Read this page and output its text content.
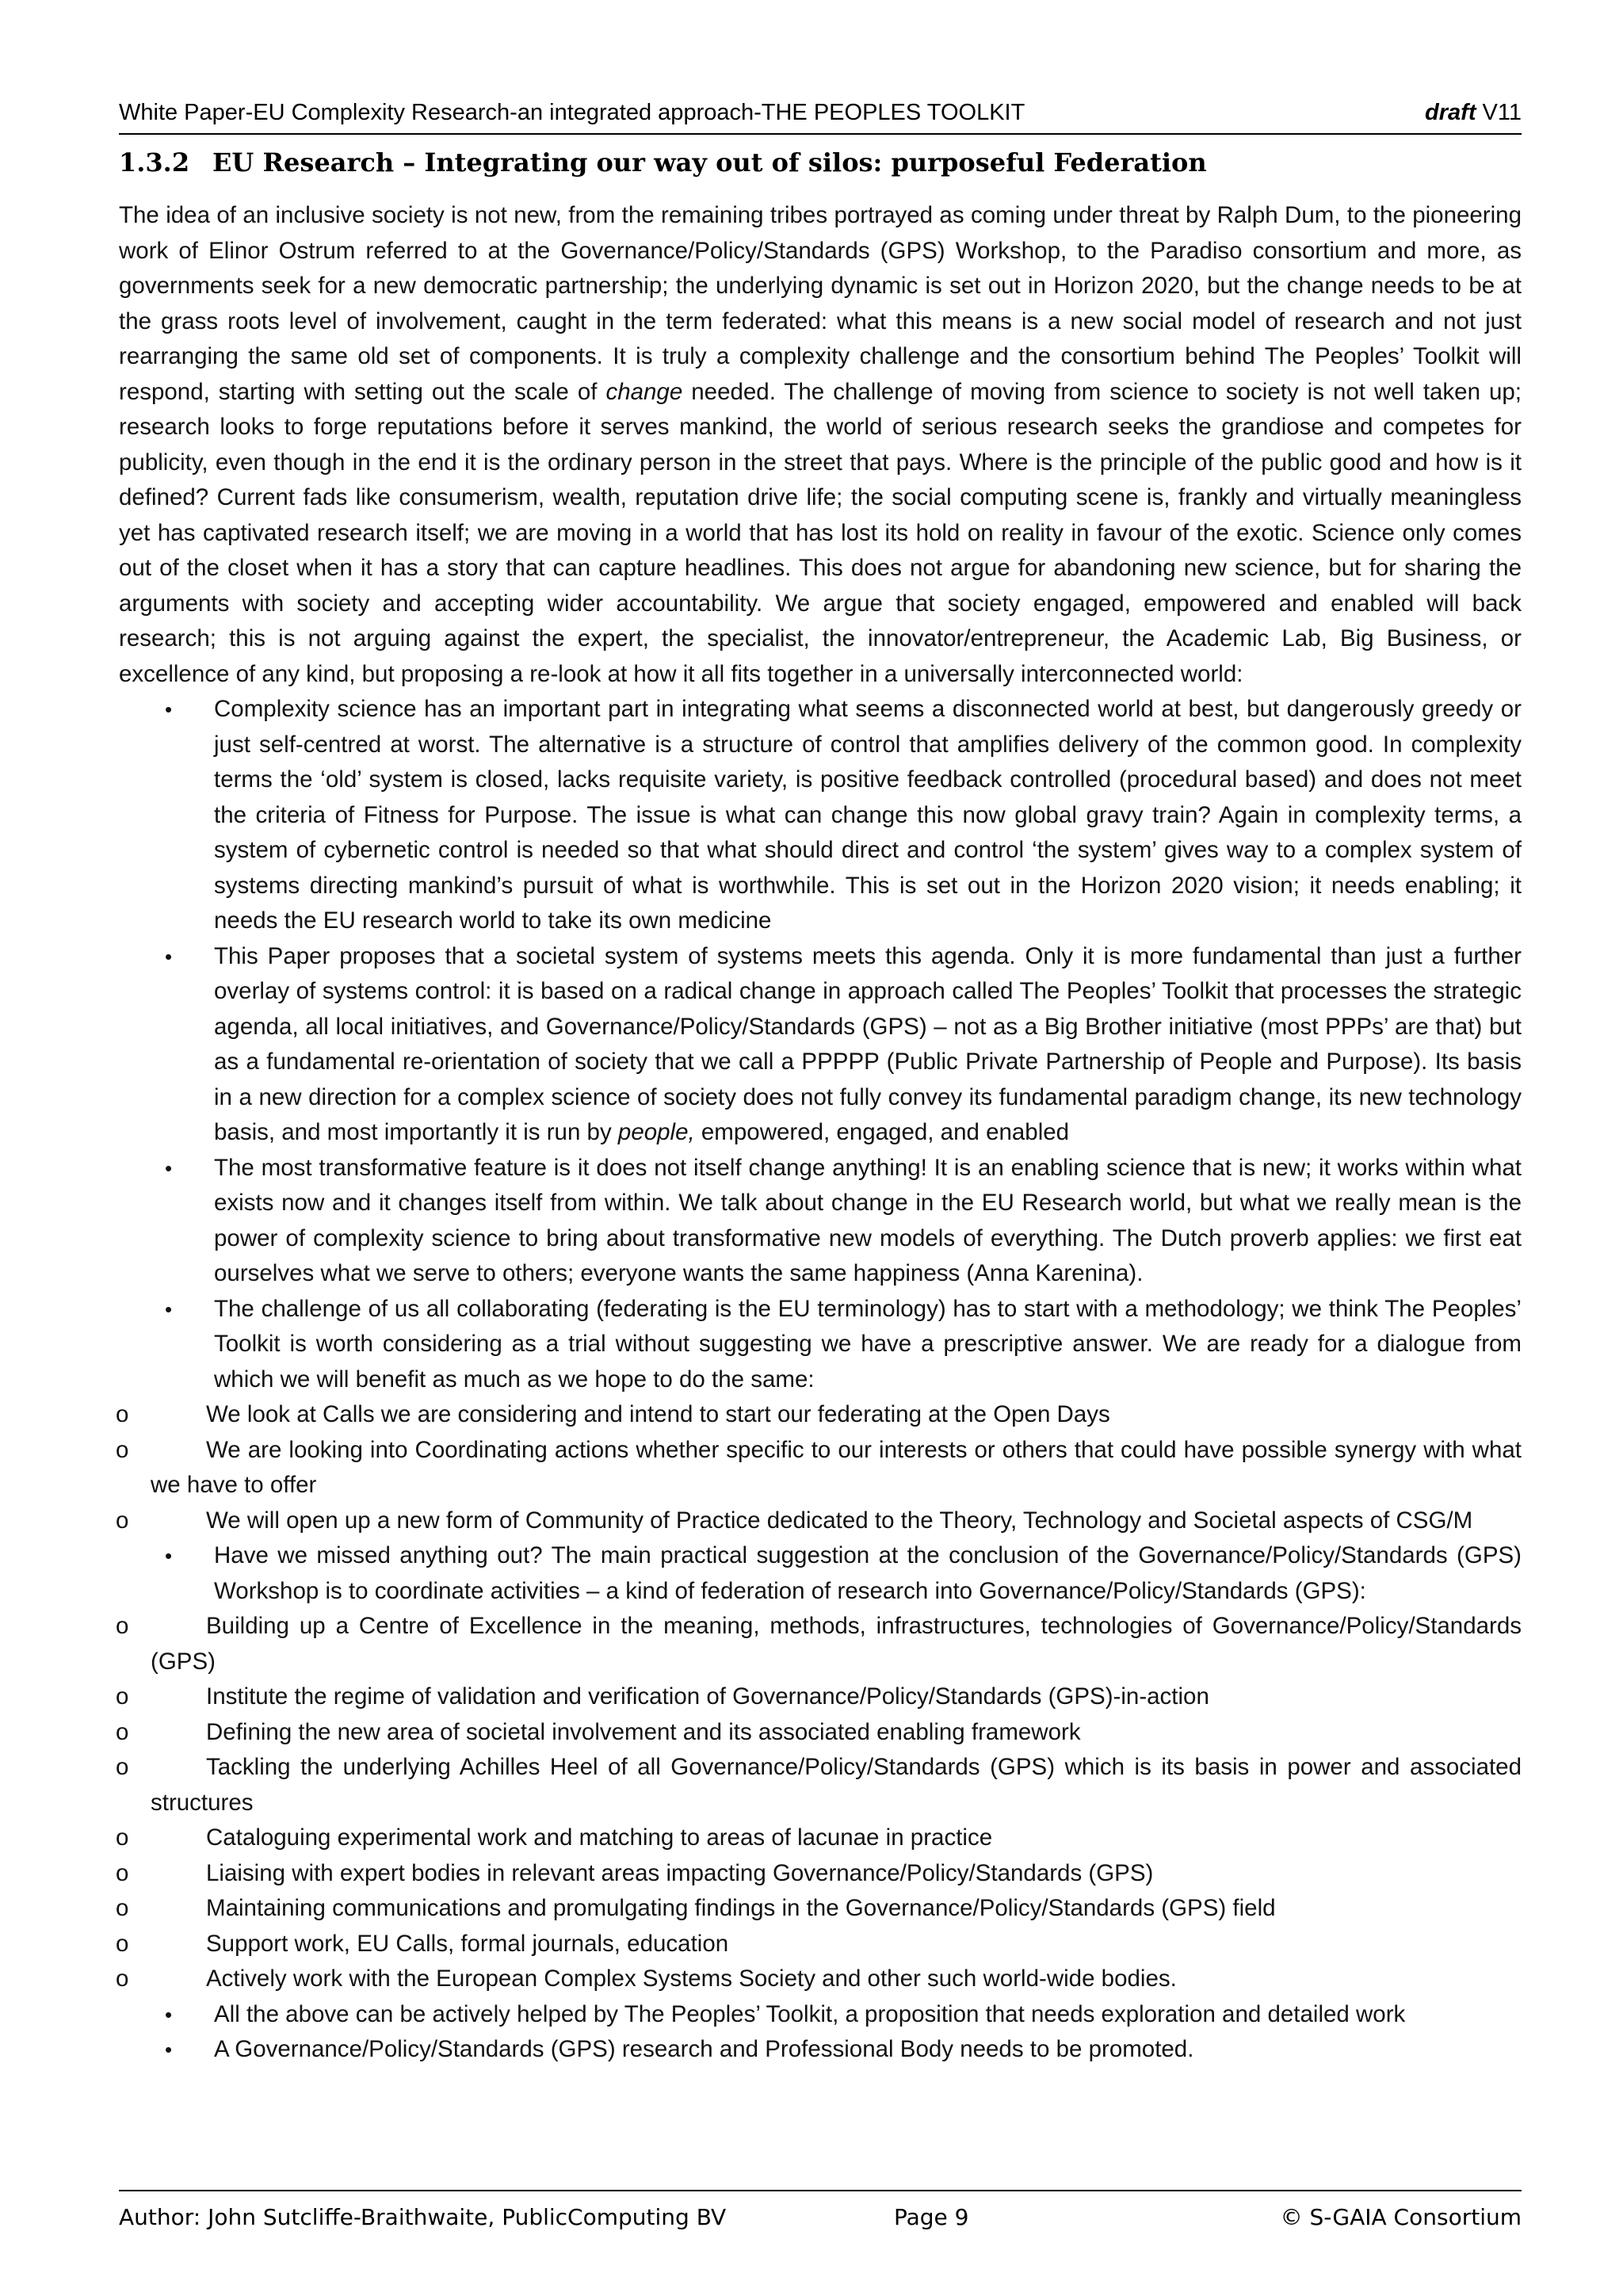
White Paper-EU Complexity Research-an integrated approach-THE PEOPLES TOOLKIT	draft V11
1.3.2 EU Research – Integrating our way out of silos: purposeful Federation

The idea of an inclusive society is not new, from the remaining tribes portrayed as coming under threat by Ralph Dum, to the pioneering work of Elinor Ostrum referred to at the Governance/Policy/Standards (GPS) Workshop, to the Paradiso consortium and more, as governments seek for a new democratic partnership; the underlying dynamic is set out in Horizon 2020, but the change needs to be at the grass roots level of involvement, caught in the term federated: what this means is a new social model of research and not just rearranging the same old set of components. It is truly a complexity challenge and the consortium behind The Peoples’ Toolkit will respond, starting with setting out the scale of change needed. The challenge of moving from science to society is not well taken up; research looks to forge reputations before it serves mankind, the world of serious research seeks the grandiose and competes for publicity, even though in the end it is the ordinary person in the street that pays. Where is the principle of the public good and how is it defined? Current fads like consumerism, wealth, reputation drive life; the social computing scene is, frankly and virtually meaningless yet has captivated research itself; we are moving in a world that has lost its hold on reality in favour of the exotic. Science only comes out of the closet when it has a story that can capture headlines. This does not argue for abandoning new science, but for sharing the arguments with society and accepting wider accountability. We argue that society engaged, empowered and enabled will back research; this is not arguing against the expert, the specialist, the innovator/entrepreneur, the Academic Lab, Big Business, or excellence of any kind, but proposing a re-look at how it all fits together in a universally interconnected world:

• Complexity science has an important part in integrating what seems a disconnected world at best, but dangerously greedy or just self-centred at worst. The alternative is a structure of control that amplifies delivery of the common good. In complexity terms the ‘old’ system is closed, lacks requisite variety, is positive feedback controlled (procedural based) and does not meet the criteria of Fitness for Purpose. The issue is what can change this now global gravy train? Again in complexity terms, a system of cybernetic control is needed so that what should direct and control ‘the system’ gives way to a complex system of systems directing mankind’s pursuit of what is worthwhile. This is set out in the Horizon 2020 vision; it needs enabling; it needs the EU research world to take its own medicine
• This Paper proposes that a societal system of systems meets this agenda. Only it is more fundamental than just a further overlay of systems control: it is based on a radical change in approach called The Peoples’ Toolkit that processes the strategic agenda, all local initiatives, and Governance/Policy/Standards (GPS) – not as a Big Brother initiative (most PPPs’ are that) but as a fundamental re-orientation of society that we call a PPPPP (Public Private Partnership of People and Purpose). Its basis in a new direction for a complex science of society does not fully convey its fundamental paradigm change, its new technology basis, and most importantly it is run by people, empowered, engaged, and enabled
• The most transformative feature is it does not itself change anything! It is an enabling science that is new; it works within what exists now and it changes itself from within. We talk about change in the EU Research world, but what we really mean is the power of complexity science to bring about transformative new models of everything. The Dutch proverb applies: we first eat ourselves what we serve to others; everyone wants the same happiness (Anna Karenina).
• The challenge of us all collaborating (federating is the EU terminology) has to start with a methodology; we think The Peoples’ Toolkit is worth considering as a trial without suggesting we have a prescriptive answer. We are ready for a dialogue from which we will benefit as much as we hope to do the same:
o	We look at Calls we are considering and intend to start our federating at the Open Days
o	We are looking into Coordinating actions whether specific to our interests or others that could have possible synergy with what we have to offer
o	We will open up a new form of Community of Practice dedicated to the Theory, Technology and Societal aspects of CSG/M
• Have we missed anything out? The main practical suggestion at the conclusion of the Governance/Policy/Standards (GPS) Workshop is to coordinate activities – a kind of federation of research into Governance/Policy/Standards (GPS):
o	Building up a Centre of Excellence in the meaning, methods, infrastructures, technologies of Governance/Policy/Standards (GPS)
o	Institute the regime of validation and verification of Governance/Policy/Standards (GPS)-in-action
o	Defining the new area of societal involvement and its associated enabling framework
o	Tackling the underlying Achilles Heel of all Governance/Policy/Standards (GPS) which is its basis in power and associated structures
o	Cataloguing experimental work and matching to areas of lacunae in practice
o	Liaising with expert bodies in relevant areas impacting Governance/Policy/Standards (GPS)
o	Maintaining communications and promulgating findings in the Governance/Policy/Standards (GPS) field
o	Support work, EU Calls, formal journals, education
o	Actively work with the European Complex Systems Society and other such world-wide bodies.
• All the above can be actively helped by The Peoples’ Toolkit, a proposition that needs exploration and detailed work
• A Governance/Policy/Standards (GPS) research and Professional Body needs to be promoted.
Author: John Sutcliffe-Braithwaite, PublicComputing BV	Page 9	© S-GAIA Consortium
